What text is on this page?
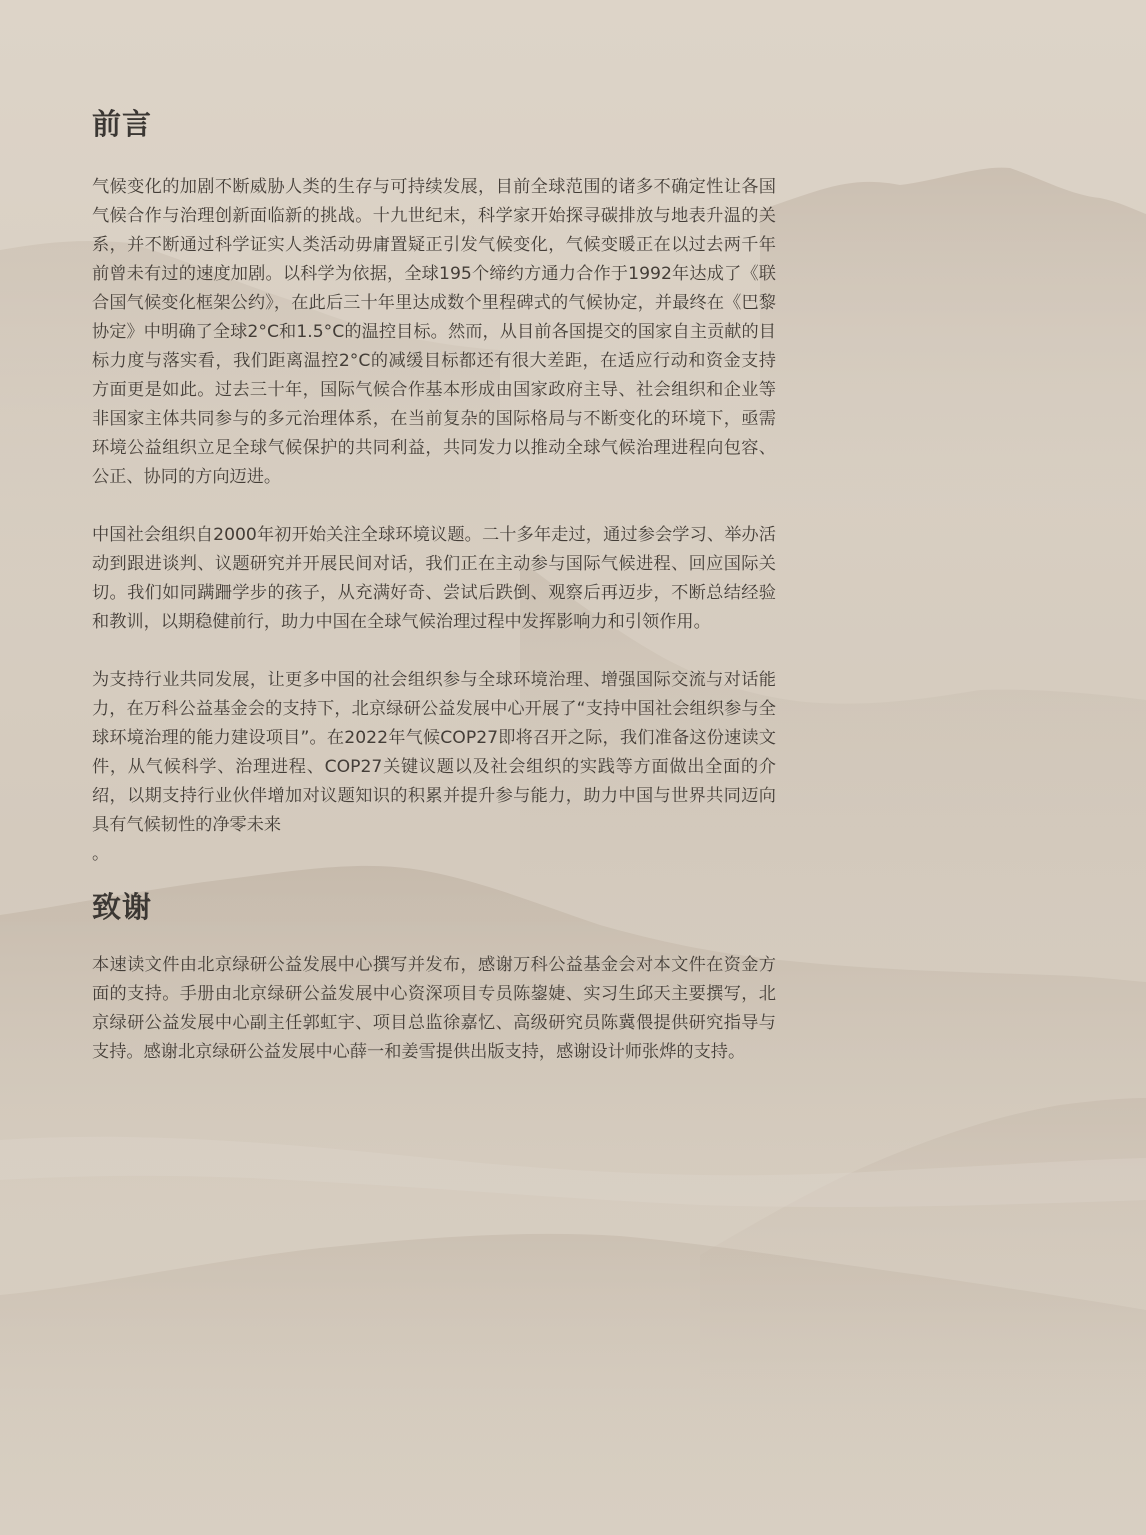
前言

气候变化的加剧不断威胁人类的生存与可持续发展，目前全球范围的诸多不确定性让各国气候合作与治理创新面临新的挑战。十九世纪末，科学家开始探寻碳排放与地表升温的关系，并不断通过科学证实人类活动毋庸置疑正引发气候变化，气候变暖正在以过去两千年前曾未有过的速度加剧。以科学为依据，全球195个缔约方通力合作于1992年达成了《联合国气候变化框架公约》，在此后三十年里达成数个里程碑式的气候协定，并最终在《巴黎协定》中明确了全球2°C和1.5°C的温控目标。然而，从目前各国提交的国家自主贡献的目标力度与落实看，我们距离温控2°C的减缓目标都还有很大差距，在适应行动和资金支持方面更是如此。过去三十年，国际气候合作基本形成由国家政府主导、社会组织和企业等非国家主体共同参与的多元治理体系，在当前复杂的国际格局与不断变化的环境下，亟需环境公益组织立足全球气候保护的共同利益，共同发力以推动全球气候治理进程向包容、公正、协同的方向迈进。

中国社会组织自2000年初开始关注全球环境议题。二十多年走过，通过参会学习、举办活动到跟进谈判、议题研究并开展民间对话，我们正在主动参与国际气候进程、回应国际关切。我们如同蹒跚学步的孩子，从充满好奇、尝试后跌倒、观察后再迈步，不断总结经验和教训，以期稳健前行，助力中国在全球气候治理过程中发挥影响力和引领作用。

为支持行业共同发展，让更多中国的社会组织参与全球环境治理、增强国际交流与对话能力，在万科公益基金会的支持下，北京绿研公益发展中心开展了“支持中国社会组织参与全球环境治理的能力建设项目”。在2022年气候COP27即将召开之际，我们准备这份速读文件，从气候科学、治理进程、COP27关键议题以及社会组织的实践等方面做出全面的介绍，以期支持行业伙伴增加对议题知识的积累并提升参与能力，助力中国与世界共同迈向具有气候韧性的净零未来

。

致谢

本速读文件由北京绿研公益发展中心撰写并发布，感谢万科公益基金会对本文件在资金方面的支持。手册由北京绿研公益发展中心资深项目专员陈鋆婕、实习生邱天主要撰写，北京绿研公益发展中心副主任郭虹宇、项目总监徐嘉忆、高级研究员陈冀偎提供研究指导与支持。感谢北京绿研公益发展中心薛一和姜雪提供出版支持，感谢设计师张烨的支持。
